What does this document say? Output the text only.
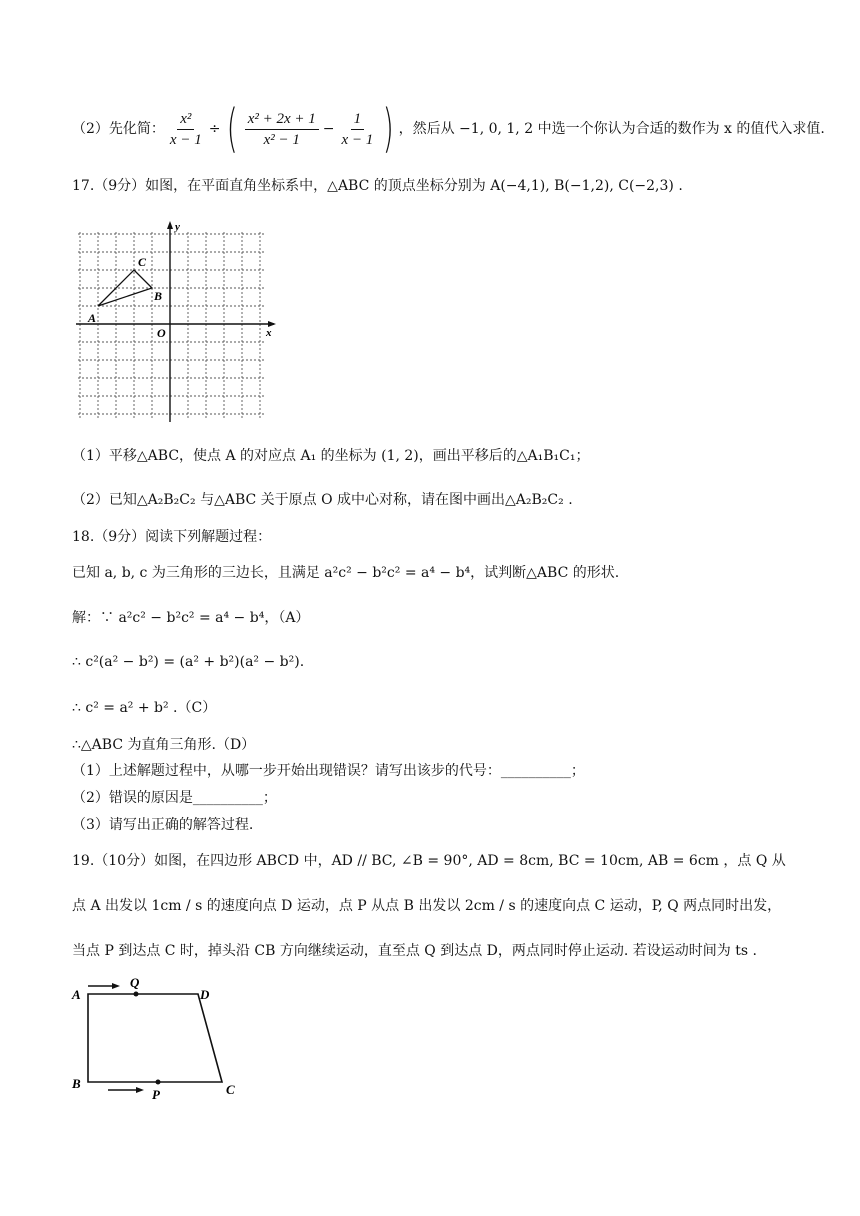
（2）先化简： $\frac{\text{x²}}{x - 1}$ ÷ ( $\frac{\text{x² + 2x + 1}}{\text{x² − 1}} - \frac{1}{x - 1}$ ) ，然后从 −1, 0, 1, 2 中选一个你认为合适的数作为 x 的值代入求值.
17.（9分）如图，在平面直角坐标系中，△ABC 的顶点坐标分别为 A(−4,1), B(−1,2), C(−2,3) .
y
x
O
A
B
C
（1）平移△ABC，使点 A 的对应点 A₁ 的坐标为 (1, 2)，画出平移后的△A₁B₁C₁；
（2）已知△A₂B₂C₂ 与△ABC 关于原点 O 成中心对称，请在图中画出△A₂B₂C₂ .
18.（9分）阅读下列解题过程：
已知 a, b, c 为三角形的三边长，且满足 a²c² − b²c² = a⁴ − b⁴，试判断△ABC 的形状.
解：∵ a²c² − b²c² = a⁴ − b⁴，（A）
∴ c²(a² − b²) = (a² + b²)(a² − b²).
∴ c² = a² + b² .（C）
∴△ABC 为直角三角形.（D）
（1）上述解题过程中，从哪一步开始出现错误？请写出该步的代号：__________；
（2）错误的原因是__________；
（3）请写出正确的解答过程.
19.（10分）如图，在四边形 ABCD 中，AD // BC, ∠B = 90°, AD = 8cm, BC = 10cm, AB = 6cm ，点 Q 从
点 A 出发以 1cm / s 的速度向点 D 运动，点 P 从点 B 出发以 2cm / s 的速度向点 C 运动，P, Q 两点同时出发，
当点 P 到达点 C 时，掉头沿 CB 方向继续运动，直至点 Q 到达点 D，两点同时停止运动. 若设运动时间为 ts .
A
B	C
D
Q
P
